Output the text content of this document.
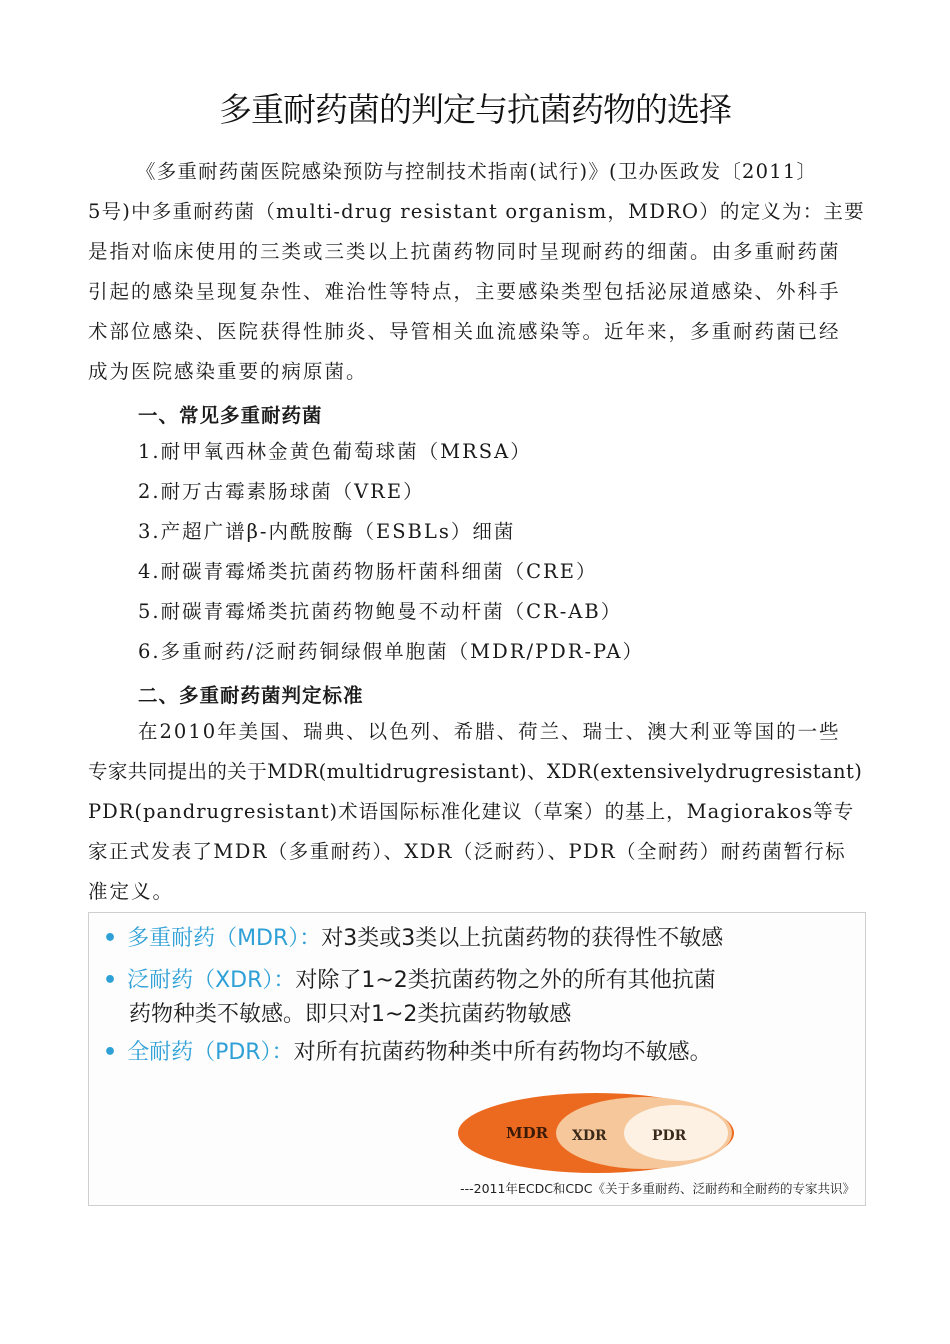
多重耐药菌的判定与抗菌药物的选择
《多重耐药菌医院感染预防与控制技术指南(试行)》(卫办医政发〔2011〕
5号)中多重耐药菌（multi-drug resistant organism，MDRO）的定义为：主要
是指对临床使用的三类或三类以上抗菌药物同时呈现耐药的细菌。由多重耐药菌
引起的感染呈现复杂性、难治性等特点，主要感染类型包括泌尿道感染、外科手
术部位感染、医院获得性肺炎、导管相关血流感染等。近年来，多重耐药菌已经
成为医院感染重要的病原菌。
一、常见多重耐药菌
1.耐甲氧西林金黄色葡萄球菌（MRSA）
2.耐万古霉素肠球菌（VRE）
3.产超广谱β-内酰胺酶（ESBLs）细菌
4.耐碳青霉烯类抗菌药物肠杆菌科细菌（CRE）
5.耐碳青霉烯类抗菌药物鲍曼不动杆菌（CR-AB）
6.多重耐药/泛耐药铜绿假单胞菌（MDR/PDR-PA）
二、多重耐药菌判定标准
在2010年美国、瑞典、以色列、希腊、荷兰、瑞士、澳大利亚等国的一些
专家共同提出的关于MDR(multidrugresistant)、XDR(extensivelydrugresistant)
PDR(pandrugresistant)术语国际标准化建议（草案）的基上，Magiorakos等专
家正式发表了MDR（多重耐药）、XDR（泛耐药）、PDR（全耐药）耐药菌暂行标
准定义。
• 多重耐药（MDR）：对3类或3类以上抗菌药物的获得性不敏感
• 泛耐药（XDR）：对除了1~2类抗菌药物之外的所有其他抗菌
药物种类不敏感。即只对1~2类抗菌药物敏感
• 全耐药（PDR）：对所有抗菌药物种类中所有药物均不敏感。
MDR XDR	PDR
---2011年ECDC和CDC《关于多重耐药、泛耐药和全耐药的专家共识》
